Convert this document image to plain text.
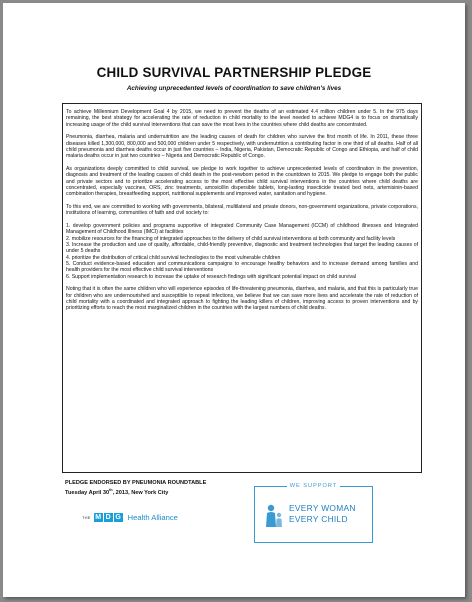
CHILD SURVIVAL PARTNERSHIP PLEDGE
Achieving unprecedented levels of coordination to save children's lives

To achieve Millennium Development Goal 4 by 2015, we need to prevent the deaths of an estimated 4.4 million children under 5. In the 975 days remaining, the best strategy for accelerating the rate of reduction in child mortality to the level needed to achieve MDG4 is to focus on dramatically increasing usage of the child survival interventions that can save the most lives in the countries where child deaths are concentrated.

Pneumonia, diarrhea, malaria and undernutrition are the leading causes of death for children who survive the first month of life. In 2011, these three diseases killed 1,300,000, 800,000 and 500,000 children under 5 respectively, with undernutrition a contributing factor in one third of all deaths. Half of all child pneumonia and diarrhea deaths occur in just five countries – India, Nigeria, Pakistan, Democratic Republic of Congo and Ethiopia, and half of child malaria deaths occur in just two countries – Nigeria and Democratic Republic of Congo.

As organizations deeply committed to child survival, we pledge to work together to achieve unprecedented levels of coordination in the prevention, diagnosis and treatment of the leading causes of child death in the post-newborn period in the countdown to 2015. We pledge to engage both the public and private sectors and to prioritize accelerating access to the most effective child survival interventions in the countries where child deaths are concentrated, especially vaccines, ORS, zinc treatments, amoxicillin dispersible tablets, long-lasting insecticide treated bed nets, artemisinin-based combination therapies, breastfeeding support, nutritional supplements and improved water, sanitation and hygiene.

To this end, we are committed to working with governments, bilateral, multilateral and private donors, non-government organizations, private corporations, institutions of learning, communities of faith and civil society to:

1. develop government policies and programs supportive of integrated Community Case Management (ICCM) of childhood illnesses and Integrated Management of Childhood Illness (IMCI) at facilities
2. mobilize resources for the financing of integrated approaches to the delivery of child survival interventions at both community and facility levels
3. Increase the production and use of quality, affordable, child-friendly preventive, diagnostic and treatment technologies that target the leading causes of under 5 deaths
4. prioritize the distribution of critical child survival technologies to the most vulnerable children
5. Conduct evidence-based education and communications campaigns to encourage healthy behaviors and to increase demand among families and health providers for the most effective child survival interventions
6. Support implementation research to increase the uptake of research findings with significant potential impact on child survival

Noting that it is often the same children who will experience episodes of life-threatening pneumonia, diarrhea, and malaria, and that this is particularly true for children who are undernourished and susceptible to repeat infections, we believe that we can save more lives and accelerate the rate of reduction of child mortality with a coordinated and integrated approach to fighting the leading killers of children, improving access to proven interventions and by prioritizing efforts to reach the most marginalized children in the countries with the largest numbers of child deaths.

PLEDGE ENDORSED BY PNEUMONIA ROUNDTABLE
Tuesday April 30th, 2013, New York City
THE M D G Health Alliance
WE SUPPORT
EVERY WOMAN
EVERY CHILD
